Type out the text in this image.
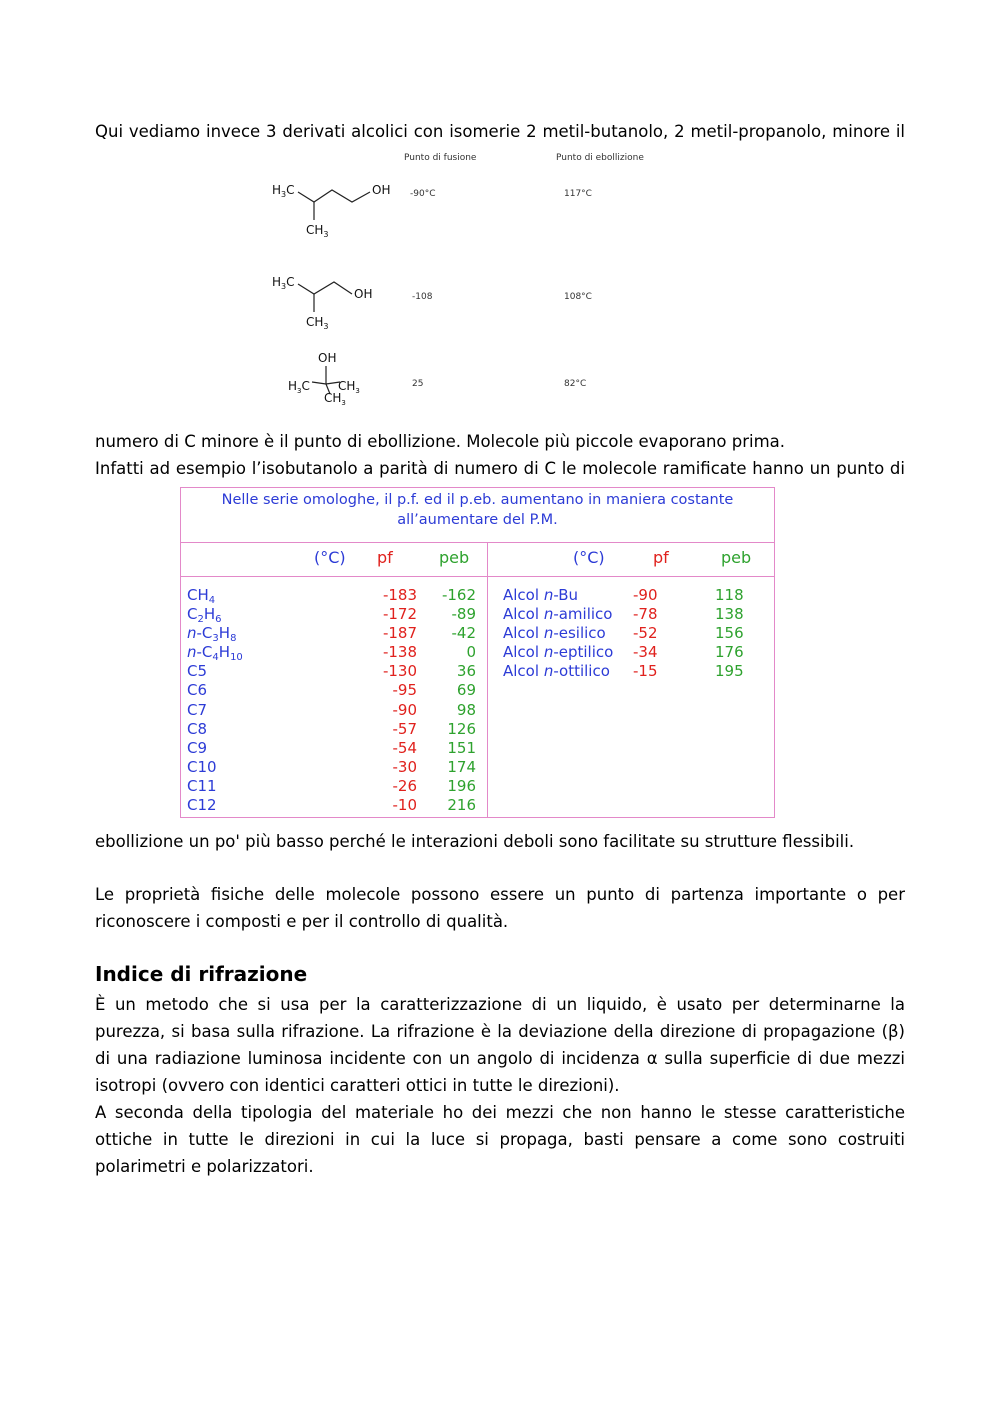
Qui vediamo invece 3 derivati alcolici con isomerie 2 metil-butanolo, 2 metil-propanolo, minore il
Punto di fusione	Punto di ebollizione
-90°C	117°C
-108	108°C
25	82°C
$H_3C$	OH
$CH_3$
$H_3C$
OH
$CH_3$
OH
$H_3C$ $CH_3$
$CH_3$
numero di C minore è il punto di ebollizione. Molecole più piccole evaporano prima.
Infatti ad esempio l’isobutanolo a parità di numero di C le molecole ramificate hanno un punto di
Nelle serie omologhe, il p.f. ed il p.eb. aumentano in maniera costante
all’aumentare del P.M.
(°C) pf	peb	(°C)	pf	peb
$CH_4$	-183 -162
$C_2H_6$	-172 -89
$n-C_3H_8$	-187 -42
$n-C_4H_{10}$	-138	0
C5	-130	36
C6	-95	69
C7	-90	98
C8	-57 126
C9	-54 151
C10	-30 174
C11	-26 196
C12	-10 216
Alcol n-Bu	-90	118
Alcol n-amilico -78	138
Alcol n-esilico -52	156
Alcol n-eptilico -34	176
Alcol n-ottilico -15	195
ebollizione un po' più basso perché le interazioni deboli sono facilitate su strutture flessibili.
Le proprietà fisiche delle molecole possono essere un punto di partenza importante o per riconoscere i composti e per il controllo di qualità.
Indice di rifrazione
È un metodo che si usa per la caratterizzazione di un liquido, è usato per determinarne la purezza, si basa sulla rifrazione. La rifrazione è la deviazione della direzione di propagazione (β) di una radiazione luminosa incidente con un angolo di incidenza α sulla superficie di due mezzi isotropi (ovvero con identici caratteri ottici in tutte le direzioni).
A seconda della tipologia del materiale ho dei mezzi che non hanno le stesse caratteristiche ottiche in tutte le direzioni in cui la luce si propaga, basti pensare a come sono costruiti polarimetri e polarizzatori.
